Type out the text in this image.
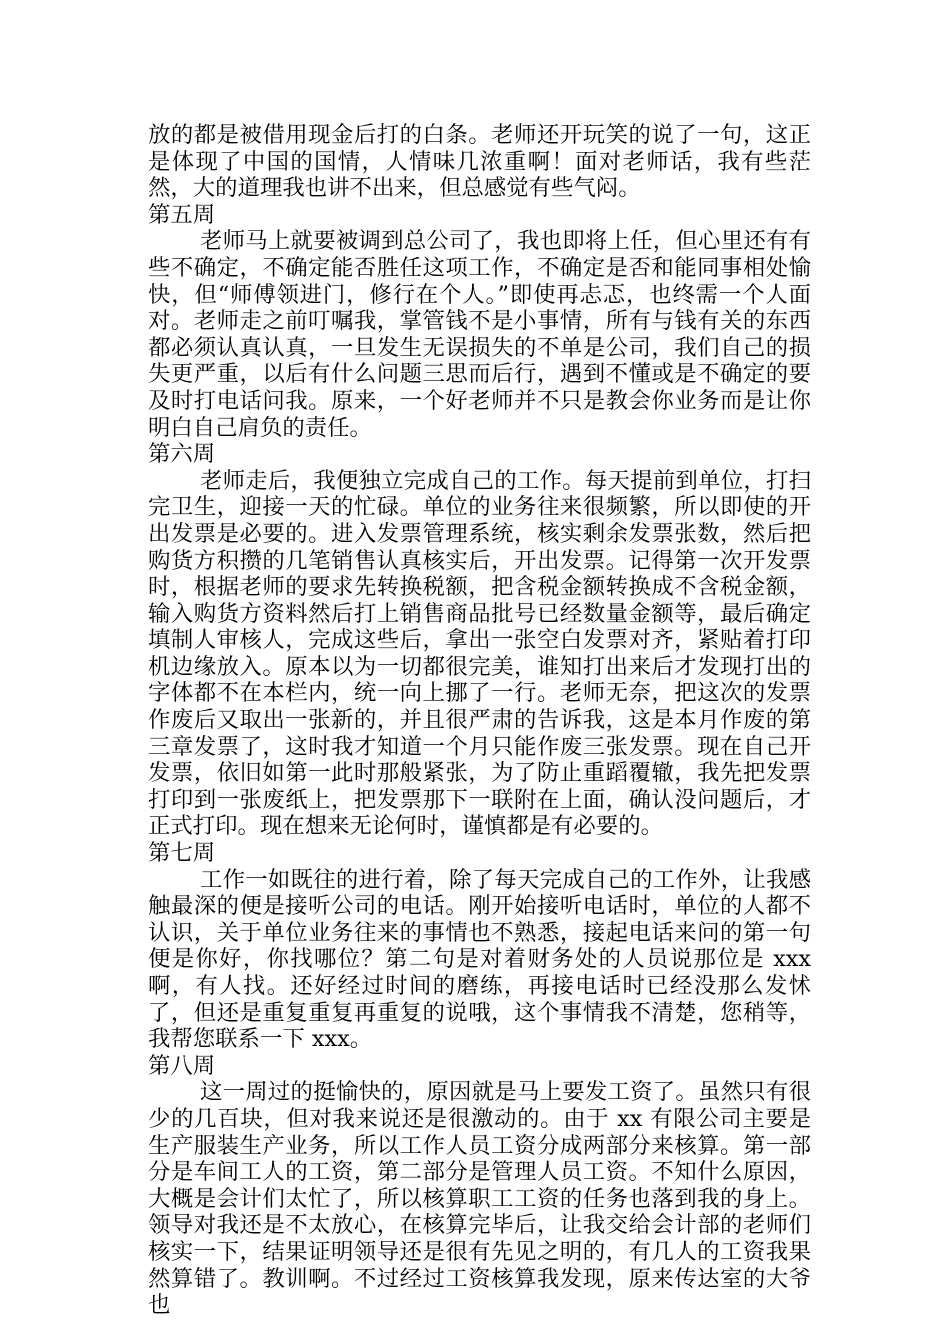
放的都是被借用现金后打的白条。老师还开玩笑的说了一句，这正是体现了中国的国情，人情味几浓重啊！面对老师话，我有些茫然，大的道理我也讲不出来，但总感觉有些气闷。

第五周

老师马上就要被调到总公司了，我也即将上任，但心里还有有些不确定，不确定能否胜任这项工作，不确定是否和能同事相处愉快，但“师傅领进门，修行在个人。”即使再忐忑，也终需一个人面对。老师走之前叮嘱我，掌管钱不是小事情，所有与钱有关的东西都必须认真认真，一旦发生无误损失的不单是公司，我们自己的损失更严重，以后有什么问题三思而后行，遇到不懂或是不确定的要及时打电话问我。原来，一个好老师并不只是教会你业务而是让你明白自己肩负的责任。

第六周

老师走后，我便独立完成自己的工作。每天提前到单位，打扫完卫生，迎接一天的忙碌。单位的业务往来很频繁，所以即使的开出发票是必要的。进入发票管理系统，核实剩余发票张数，然后把购货方积攒的几笔销售认真核实后，开出发票。记得第一次开发票时，根据老师的要求先转换税额，把含税金额转换成不含税金额，输入购货方资料然后打上销售商品批号已经数量金额等，最后确定填制人审核人，完成这些后，拿出一张空白发票对齐，紧贴着打印机边缘放入。原本以为一切都很完美，谁知打出来后才发现打出的字体都不在本栏内，统一向上挪了一行。老师无奈，把这次的发票作废后又取出一张新的，并且很严肃的告诉我，这是本月作废的第三章发票了，这时我才知道一个月只能作废三张发票。现在自己开发票，依旧如第一此时那般紧张，为了防止重蹈覆辙，我先把发票打印到一张废纸上，把发票那下一联附在上面，确认没问题后，才正式打印。现在想来无论何时，谨慎都是有必要的。

第七周

工作一如既往的进行着，除了每天完成自己的工作外，让我感触最深的便是接听公司的电话。刚开始接听电话时，单位的人都不认识，关于单位业务往来的事情也不熟悉，接起电话来问的第一句便是你好，你找哪位？第二句是对着财务处的人员说那位是 xxx 啊，有人找。还好经过时间的磨练，再接电话时已经没那么发怵了，但还是重复重复再重复的说哦，这个事情我不清楚，您稍等，我帮您联系一下 xxx。

第八周

这一周过的挺愉快的，原因就是马上要发工资了。虽然只有很少的几百块，但对我来说还是很激动的。由于 xx 有限公司主要是生产服装生产业务，所以工作人员工资分成两部分来核算。第一部分是车间工人的工资，第二部分是管理人员工资。不知什么原因，大概是会计们太忙了，所以核算职工工资的任务也落到我的身上。领导对我还是不太放心，在核算完毕后，让我交给会计部的老师们核实一下，结果证明领导还是很有先见之明的，有几人的工资我果然算错了。教训啊。不过经过工资核算我发现，原来传达室的大爷也
